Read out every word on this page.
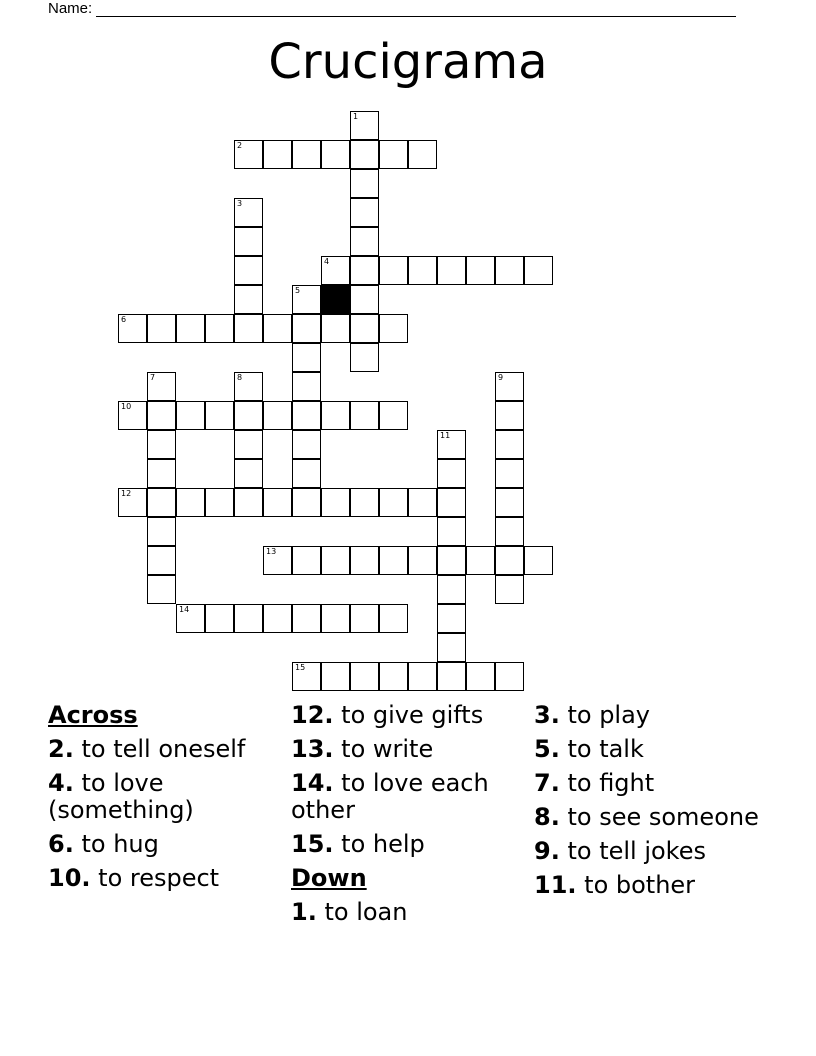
Name:
Crucigrama
1
2
3
4
5
6
7	8	9
10
11
12
13
14
15
Across
2. to tell oneself
4. to love (something)
6. to hug
10. to respect
12. to give gifts
13. to write
14. to love each other
15. to help
Down
1. to loan
3. to play
5. to talk
7. to fight
8. to see someone
9. to tell jokes
11. to bother
